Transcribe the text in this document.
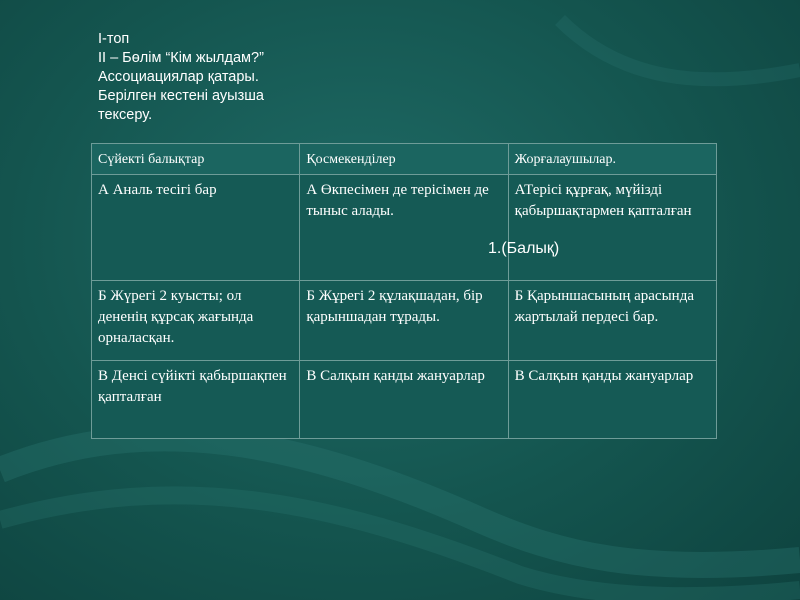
І-топ
ІІ – Бөлім “Кім жылдам?”
Ассоциациялар қатары.
Берілген кестені ауызша
тексеру.
Сүйекті балықтар	Қосмекенділер	Жорғалаушылар.
А Аналь тесігі бар	А Өкпесімен де терісімен де тыныс алады.	АТерісі құрғақ, мүйізді қабыршақтармен қапталған
Б Жүрегі 2 куысты; ол дененің құрсақ жағында орналасқан.	Б Жұрегі 2 құлақшадан, бір қарыншадан тұрады.	Б Қарыншасының арасында жартылай пердесі бар.
В Денсі сүйікті қабыршақпен қапталған	В Салқын қанды жануарлар	В Салқын қанды жануарлар
1.(Балық)
